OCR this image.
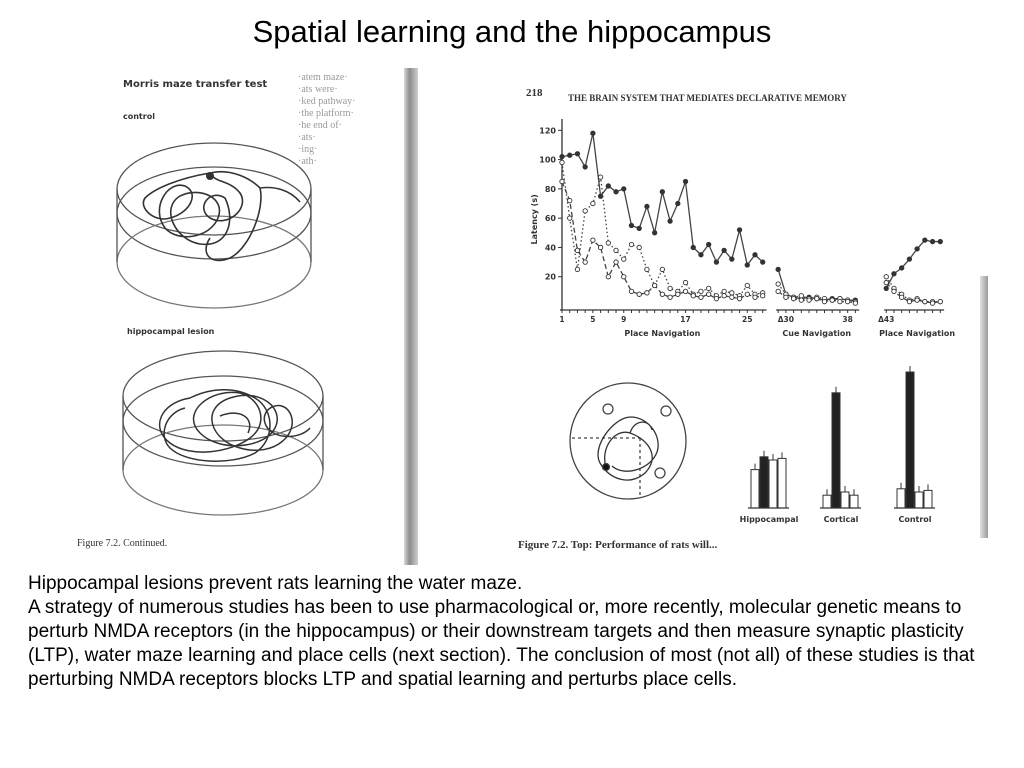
Spatial learning and the hippocampus
Morris maze transfer test
control
·atem maze·
·ats were·
·ked pathway·
·the platform·
·he end of·
·ats·
·ing·
·ath·
hippocampal lesion
Figure 7.2. Continued.
218	THE BRAIN SYSTEM THAT MEDIATES DECLARATIVE MEMORY
Latency (s)
20
40
60
80
100
120
1	5	9	17	25	Δ30	38	Δ43
Place Navigation	Cue Navigation	Place Navigation
Hippocampal	Cortical	Control
Figure 7.2. Top: Performance of rats will...

Hippocampal lesions prevent rats learning the water maze.

A strategy of numerous studies has been to use pharmacological or, more recently, molecular genetic means to perturb NMDA receptors (in the hippocampus) or their downstream targets and then measure synaptic plasticity (LTP), water maze learning and place cells (next section). The conclusion of most (not all) of these studies is that perturbing NMDA receptors blocks LTP and spatial learning and perturbs place cells.
